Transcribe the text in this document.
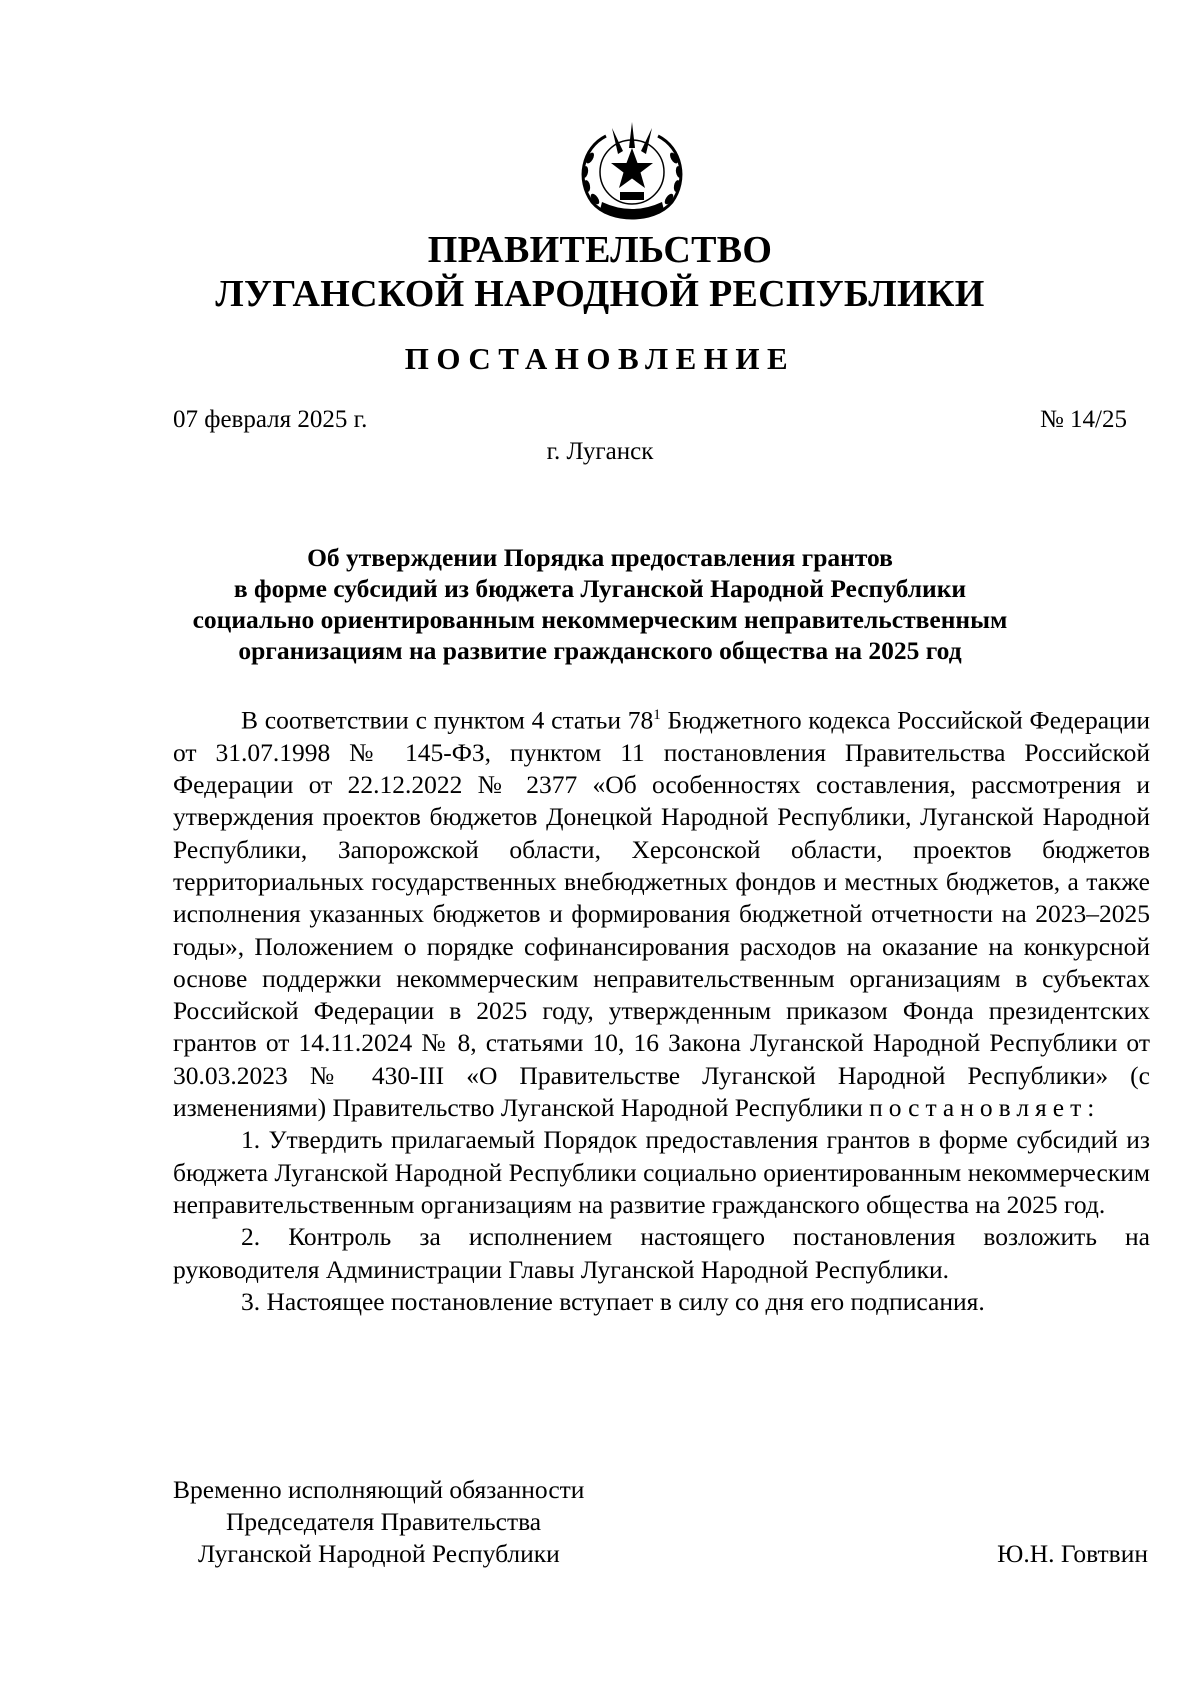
ПРАВИТЕЛЬСТВО
ЛУГАНСКОЙ НАРОДНОЙ РЕСПУБЛИКИ
ПОСТАНОВЛЕНИЕ
07 февраля 2025 г.	№ 14/25
г. Луганск
Об утверждении Порядка предоставления грантов
в форме субсидий из бюджета Луганской Народной Республики
социально ориентированным некоммерческим неправительственным
организациям на развитие гражданского общества на 2025 год

В соответствии с пунктом 4 статьи $78^1$ Бюджетного кодекса Российской Федерации от 31.07.1998 № 145-ФЗ, пунктом 11 постановления Правительства Российской Федерации от 22.12.2022 № 2377 «Об особенностях составления, рассмотрения и утверждения проектов бюджетов Донецкой Народной Республики, Луганской Народной Республики, Запорожской области, Херсонской области, проектов бюджетов территориальных государственных внебюджетных фондов и местных бюджетов, а также исполнения указанных бюджетов и формирования бюджетной отчетности на 2023–2025 годы», Положением о порядке софинансирования расходов на оказание на конкурсной основе поддержки некоммерческим неправительственным организациям в субъектах Российской Федерации в 2025 году, утвержденным приказом Фонда президентских грантов от 14.11.2024 № 8, статьями 10, 16 Закона Луганской Народной Республики от 30.03.2023 № 430-III «О Правительстве Луганской Народной Республики» (с изменениями) Правительство Луганской Народной Республики постановляет:

1. Утвердить прилагаемый Порядок предоставления грантов в форме субсидий из бюджета Луганской Народной Республики социально ориентированным некоммерческим неправительственным организациям на развитие гражданского общества на 2025 год.

2. Контроль за исполнением настоящего постановления возложить на руководителя Администрации Главы Луганской Народной Республики.

3. Настоящее постановление вступает в силу со дня его подписания.

Временно исполняющий обязанности
Председателя Правительства
Луганской Народной Республики	Ю.Н. Говтвин
